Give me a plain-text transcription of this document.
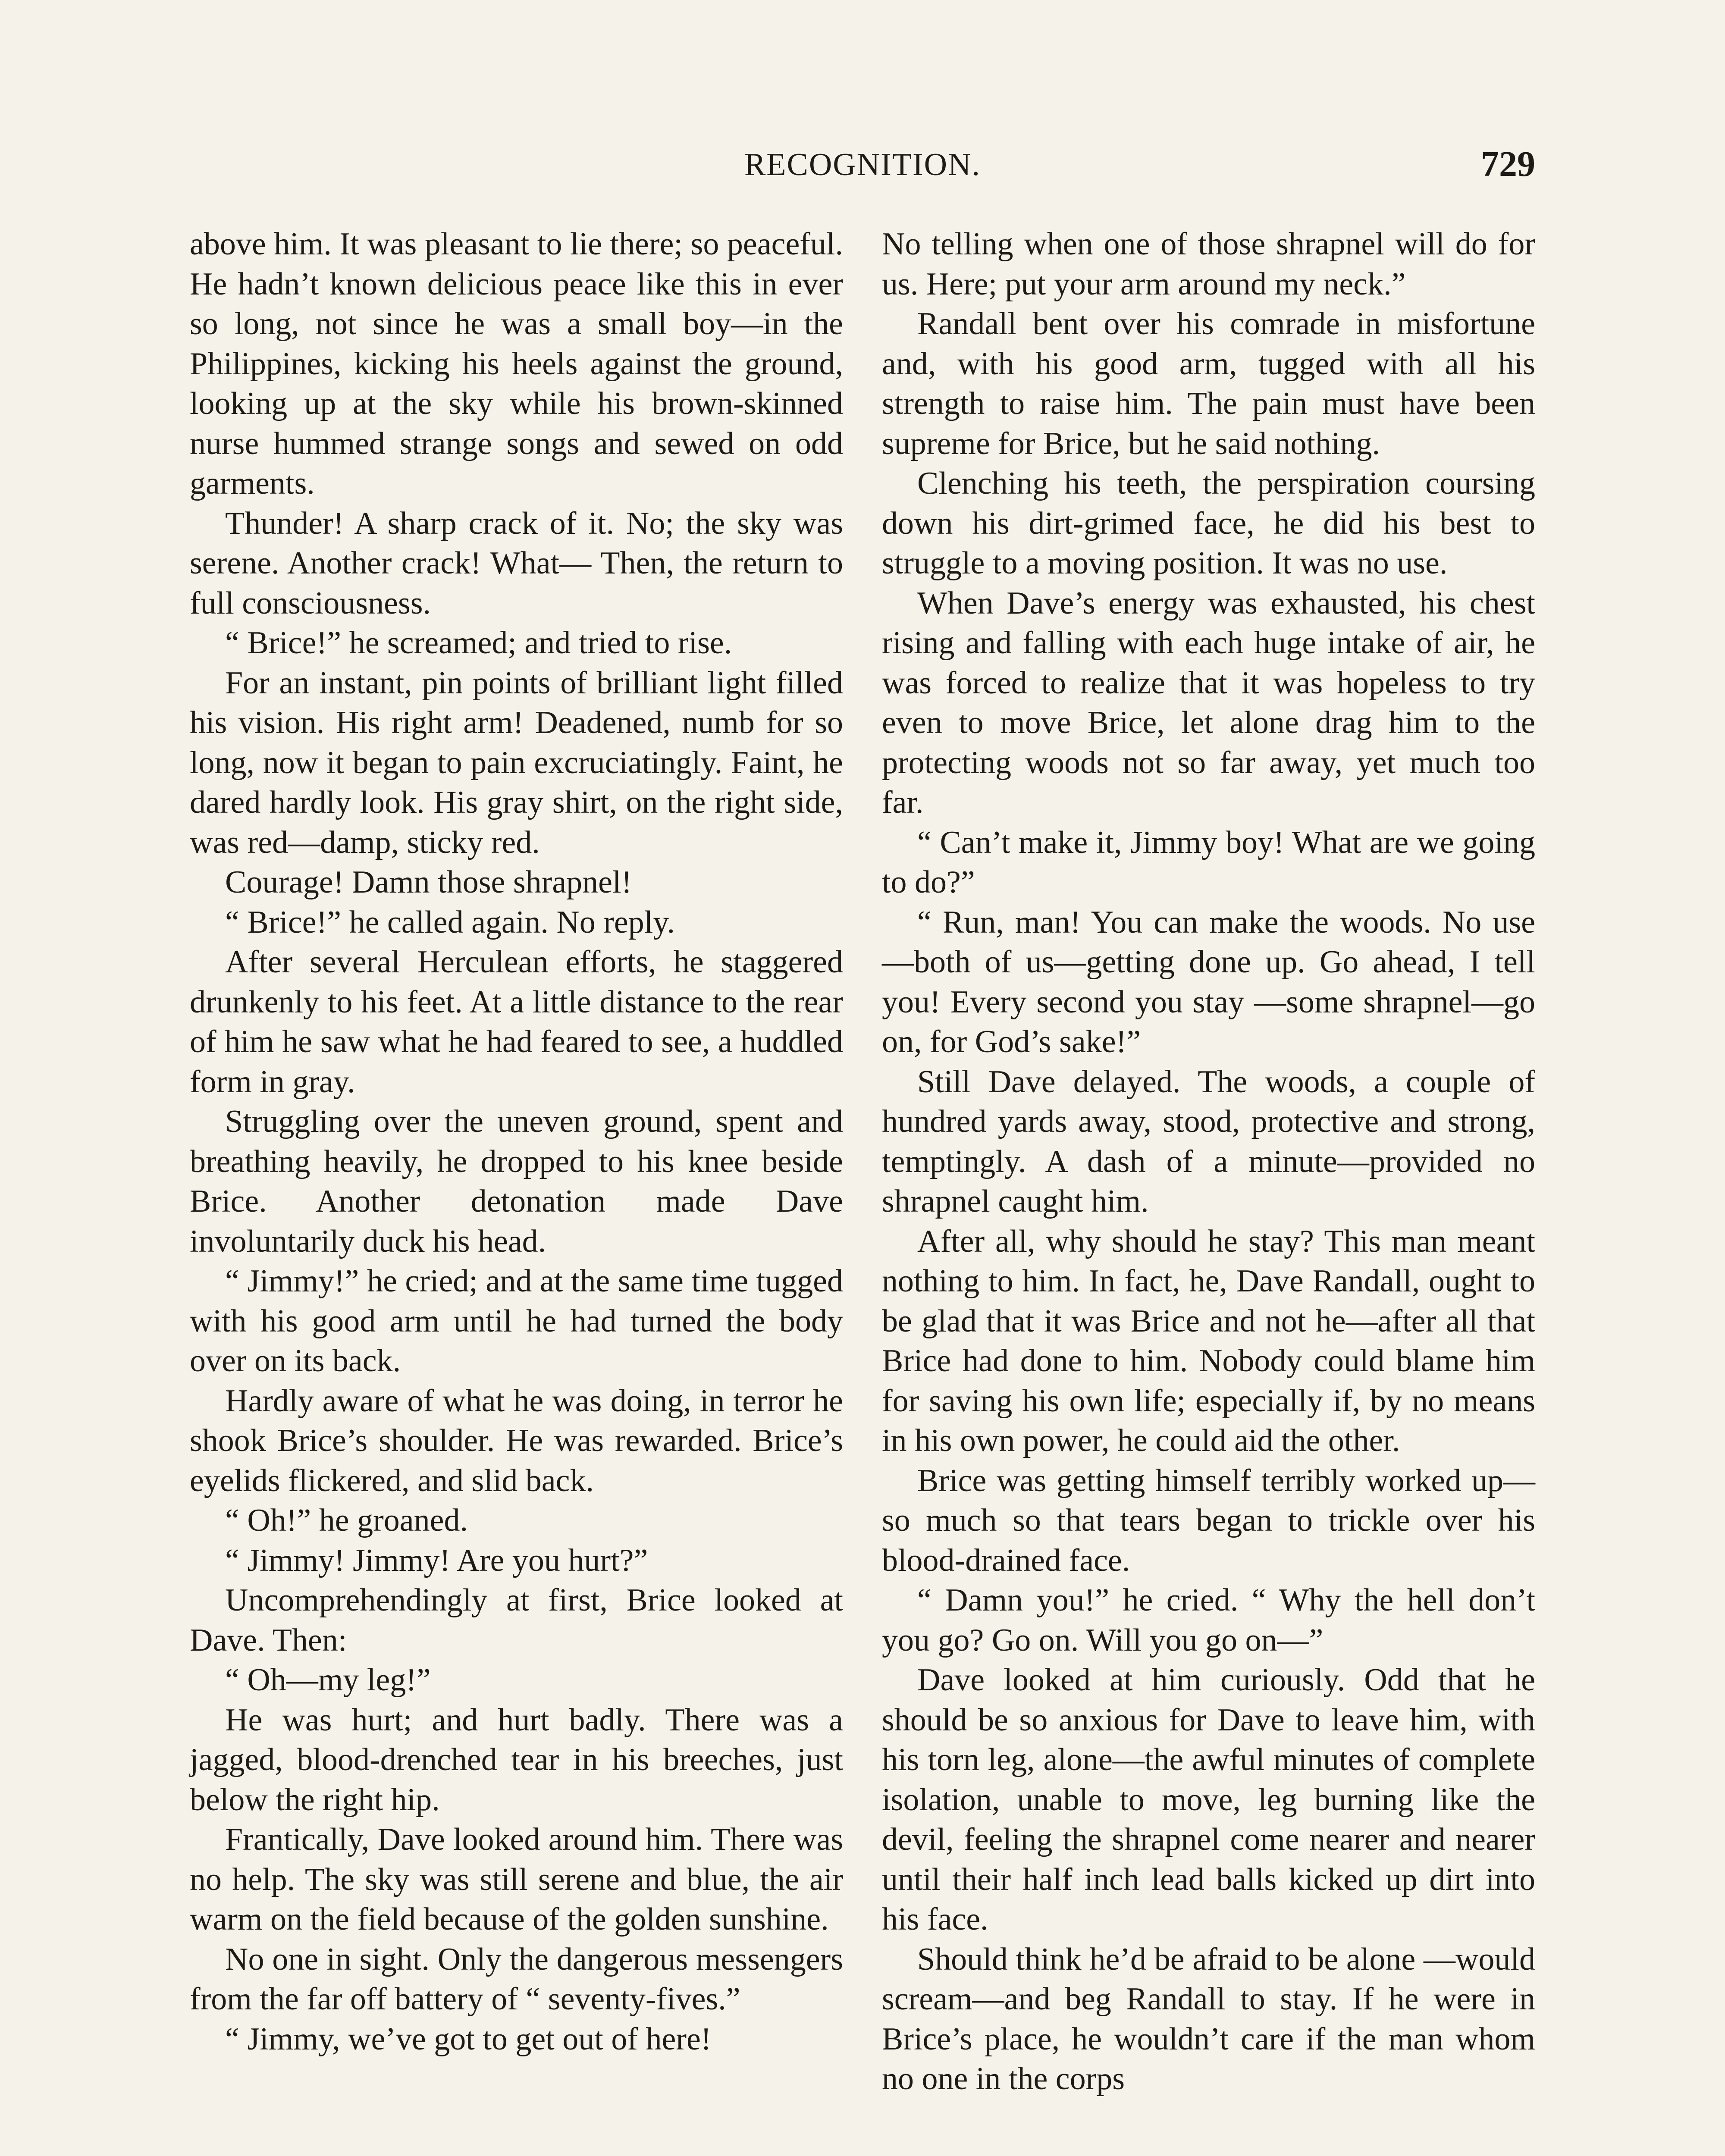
RECOGNITION.	729

above him. It was pleasant to lie there; so peaceful. He hadn’t known delicious peace like this in ever so long, not since he was a small boy—in the Philippines, kicking his heels against the ground, looking up at the sky while his brown-skinned nurse hummed strange songs and sewed on odd garments.

Thunder! A sharp crack of it. No; the sky was serene. Another crack! What— Then, the return to full consciousness.

“ Brice!” he screamed; and tried to rise.

For an instant, pin points of brilliant light filled his vision. His right arm! Deadened, numb for so long, now it began to pain excruciatingly. Faint, he dared hardly look. His gray shirt, on the right side, was red—damp, sticky red.

Courage! Damn those shrapnel!

“ Brice!” he called again. No reply.

After several Herculean efforts, he staggered drunkenly to his feet. At a little distance to the rear of him he saw what he had feared to see, a huddled form in gray.

Struggling over the uneven ground, spent and breathing heavily, he dropped to his knee beside Brice. Another detonation made Dave involuntarily duck his head.

“ Jimmy!” he cried; and at the same time tugged with his good arm until he had turned the body over on its back.

Hardly aware of what he was doing, in terror he shook Brice’s shoulder. He was rewarded. Brice’s eyelids flickered, and slid back.

“ Oh!” he groaned.

“ Jimmy! Jimmy! Are you hurt?”

Uncomprehendingly at first, Brice looked at Dave. Then:

“ Oh—my leg!”

He was hurt; and hurt badly. There was a jagged, blood-drenched tear in his breeches, just below the right hip.

Frantically, Dave looked around him. There was no help. The sky was still serene and blue, the air warm on the field because of the golden sunshine.

No one in sight. Only the dangerous messengers from the far off battery of “ seventy-fives.”

“ Jimmy, we’ve got to get out of here!

No telling when one of those shrapnel will do for us. Here; put your arm around my neck.”

Randall bent over his comrade in misfortune and, with his good arm, tugged with all his strength to raise him. The pain must have been supreme for Brice, but he said nothing.

Clenching his teeth, the perspiration coursing down his dirt-grimed face, he did his best to struggle to a moving position. It was no use.

When Dave’s energy was exhausted, his chest rising and falling with each huge intake of air, he was forced to realize that it was hopeless to try even to move Brice, let alone drag him to the protecting woods not so far away, yet much too far.

“ Can’t make it, Jimmy boy! What are we going to do?”

“ Run, man! You can make the woods. No use—both of us—getting done up. Go ahead, I tell you! Every second you stay —some shrapnel—go on, for God’s sake!”

Still Dave delayed. The woods, a couple of hundred yards away, stood, protective and strong, temptingly. A dash of a minute—provided no shrapnel caught him.

After all, why should he stay? This man meant nothing to him. In fact, he, Dave Randall, ought to be glad that it was Brice and not he—after all that Brice had done to him. Nobody could blame him for saving his own life; especially if, by no means in his own power, he could aid the other.

Brice was getting himself terribly worked up—so much so that tears began to trickle over his blood-drained face.

“ Damn you!” he cried. “ Why the hell don’t you go? Go on. Will you go on—”

Dave looked at him curiously. Odd that he should be so anxious for Dave to leave him, with his torn leg, alone—the awful minutes of complete isolation, unable to move, leg burning like the devil, feeling the shrapnel come nearer and nearer until their half inch lead balls kicked up dirt into his face.

Should think he’d be afraid to be alone —would scream—and beg Randall to stay. If he were in Brice’s place, he wouldn’t care if the man whom no one in the corps
